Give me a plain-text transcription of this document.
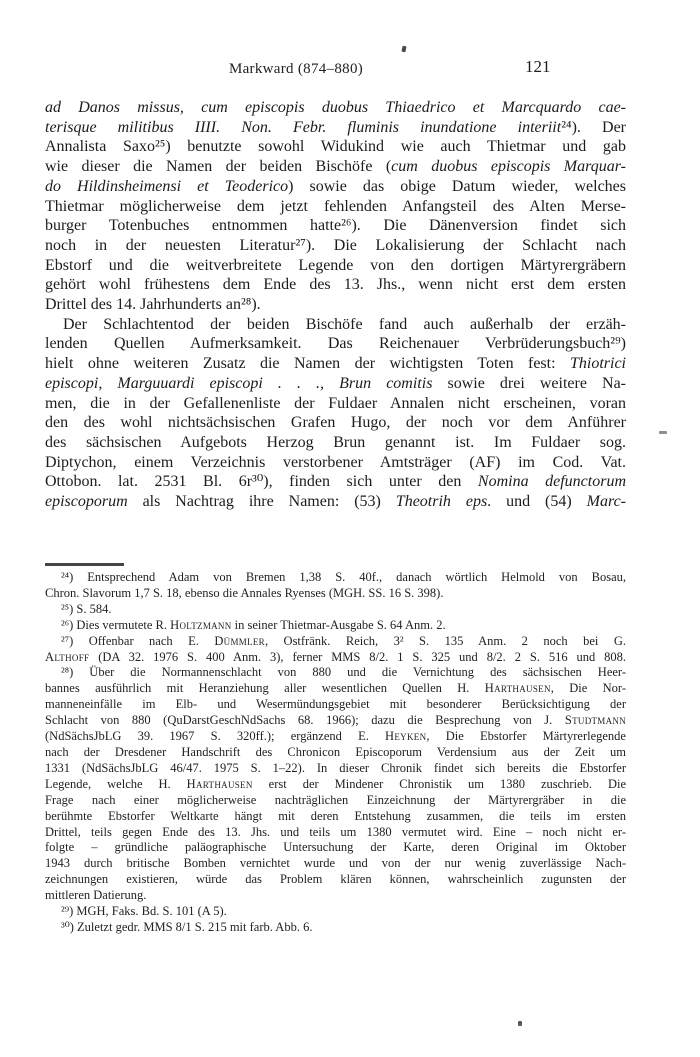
Markward (874–880)	121
ad Danos missus, cum episcopis duobus Thiaedrico et Marcquardo cae-
terisque militibus IIII. Non. Febr. fluminis inundatione interiit²⁴). Der
Annalista Saxo²⁵) benutzte sowohl Widukind wie auch Thietmar und gab
wie dieser die Namen der beiden Bischöfe (cum duobus episcopis Marquar-
do Hildinsheimensi et Teoderico) sowie das obige Datum wieder, welches
Thietmar möglicherweise dem jetzt fehlenden Anfangsteil des Alten Merse-
burger Totenbuches entnommen hatte²⁶). Die Dänenversion findet sich
noch in der neuesten Literatur²⁷). Die Lokalisierung der Schlacht nach
Ebstorf und die weitverbreitete Legende von den dortigen Märtyrergräbern
gehört wohl frühestens dem Ende des 13. Jhs., wenn nicht erst dem ersten
Drittel des 14. Jahrhunderts an²⁸).
Der Schlachtentod der beiden Bischöfe fand auch außerhalb der erzäh-
lenden Quellen Aufmerksamkeit. Das Reichenauer Verbrüderungsbuch²⁹)
hielt ohne weiteren Zusatz die Namen der wichtigsten Toten fest: Thiotrici
episcopi, Marguuardi episcopi . . ., Brun comitis sowie drei weitere Na-
men, die in der Gefallenenliste der Fuldaer Annalen nicht erscheinen, voran
den des wohl nichtsächsischen Grafen Hugo, der noch vor dem Anführer
des sächsischen Aufgebots Herzog Brun genannt ist. Im Fuldaer sog.
Diptychon, einem Verzeichnis verstorbener Amtsträger (AF) im Cod. Vat.
Ottobon. lat. 2531 Bl. 6r³⁰), finden sich unter den Nomina defunctorum
episcoporum als Nachtrag ihre Namen: (53) Theotrih eps. und (54) Marc-
²⁴) Entsprechend Adam von Bremen 1,38 S. 40f., danach wörtlich Helmold von Bosau,
Chron. Slavorum 1,7 S. 18, ebenso die Annales Ryenses (MGH. SS. 16 S. 398).
²⁵) S. 584.
²⁶) Dies vermutete R. Holtzmann in seiner Thietmar-Ausgabe S. 64 Anm. 2.
²⁷) Offenbar nach E. Dümmler, Ostfränk. Reich, 3² S. 135 Anm. 2 noch bei G.
Althoff (DA 32. 1976 S. 400 Anm. 3), ferner MMS 8/2. 1 S. 325 und 8/2. 2 S. 516 und 808.
²⁸) Über die Normannenschlacht von 880 und die Vernichtung des sächsischen Heer-
bannes ausführlich mit Heranziehung aller wesentlichen Quellen H. Harthausen, Die Nor-
manneneinfälle im Elb- und Wesermündungsgebiet mit besonderer Berücksichtigung der
Schlacht von 880 (QuDarstGeschNdSachs 68. 1966); dazu die Besprechung von J. Studtmann
(NdSächsJbLG 39. 1967 S. 320ff.); ergänzend E. Heyken, Die Ebstorfer Märtyrerlegende
nach der Dresdener Handschrift des Chronicon Episcoporum Verdensium aus der Zeit um
1331 (NdSächsJbLG 46/47. 1975 S. 1–22). In dieser Chronik findet sich bereits die Ebstorfer
Legende, welche H. Harthausen erst der Mindener Chronistik um 1380 zuschrieb. Die
Frage nach einer möglicherweise nachträglichen Einzeichnung der Märtyrergräber in die
berühmte Ebstorfer Weltkarte hängt mit deren Entstehung zusammen, die teils im ersten
Drittel, teils gegen Ende des 13. Jhs. und teils um 1380 vermutet wird. Eine – noch nicht er-
folgte – gründliche paläographische Untersuchung der Karte, deren Original im Oktober
1943 durch britische Bomben vernichtet wurde und von der nur wenig zuverlässige Nach-
zeichnungen existieren, würde das Problem klären können, wahrscheinlich zugunsten der
mittleren Datierung.
²⁹) MGH, Faks. Bd. S. 101 (A 5).
³⁰) Zuletzt gedr. MMS 8/1 S. 215 mit farb. Abb. 6.
